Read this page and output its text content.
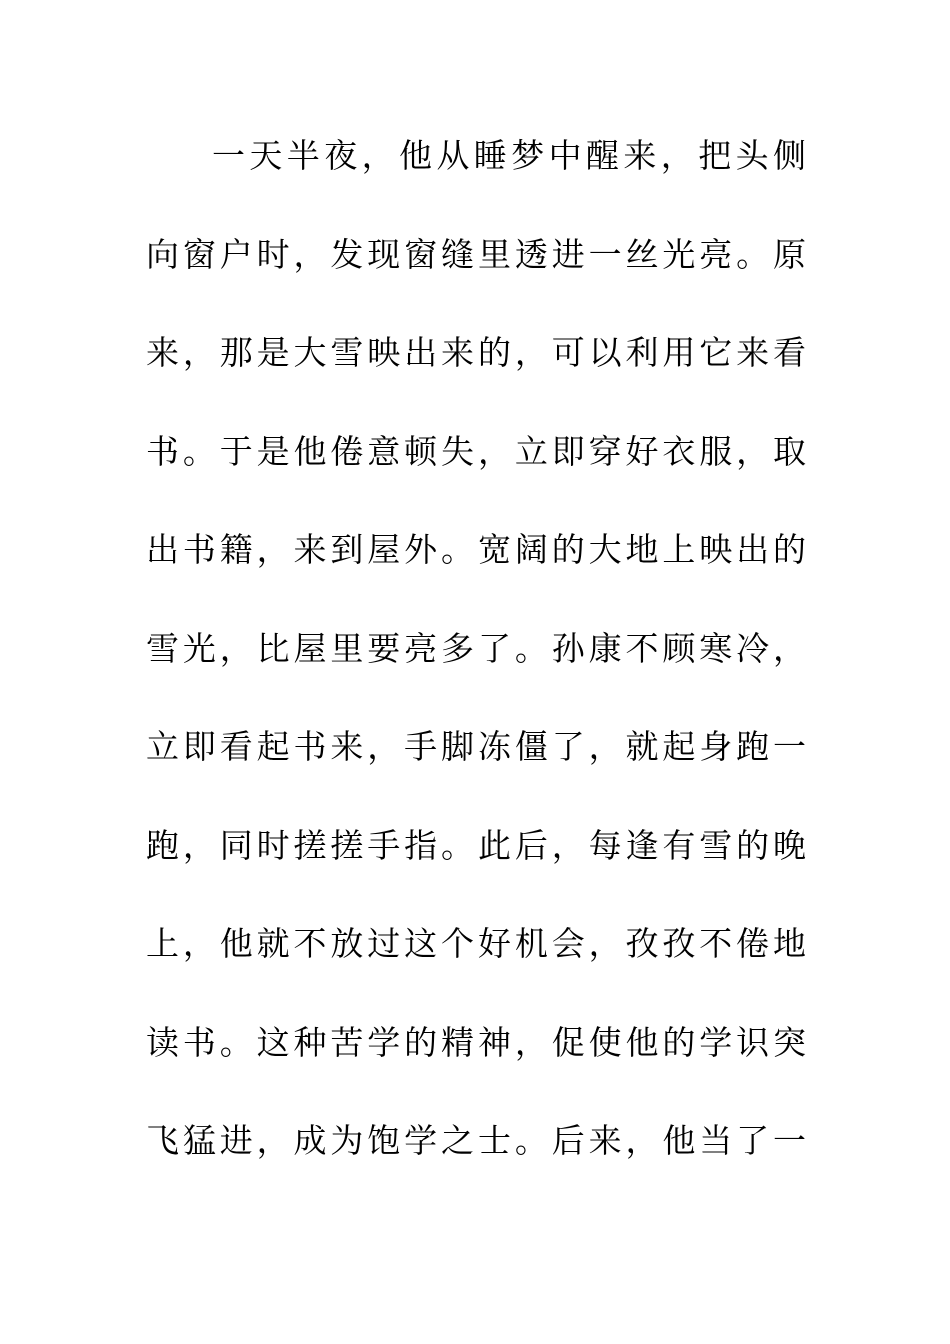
一天半夜，他从睡梦中醒来，把头侧
向窗户时，发现窗缝里透进一丝光亮。原
来，那是大雪映出来的，可以利用它来看
书。于是他倦意顿失，立即穿好衣服，取
出书籍，来到屋外。宽阔的大地上映出的
雪光，比屋里要亮多了。孙康不顾寒冷，
立即看起书来，手脚冻僵了，就起身跑一
跑，同时搓搓手指。此后，每逢有雪的晚
上，他就不放过这个好机会，孜孜不倦地
读书。这种苦学的精神，促使他的学识突
飞猛进，成为饱学之士。后来，他当了一
